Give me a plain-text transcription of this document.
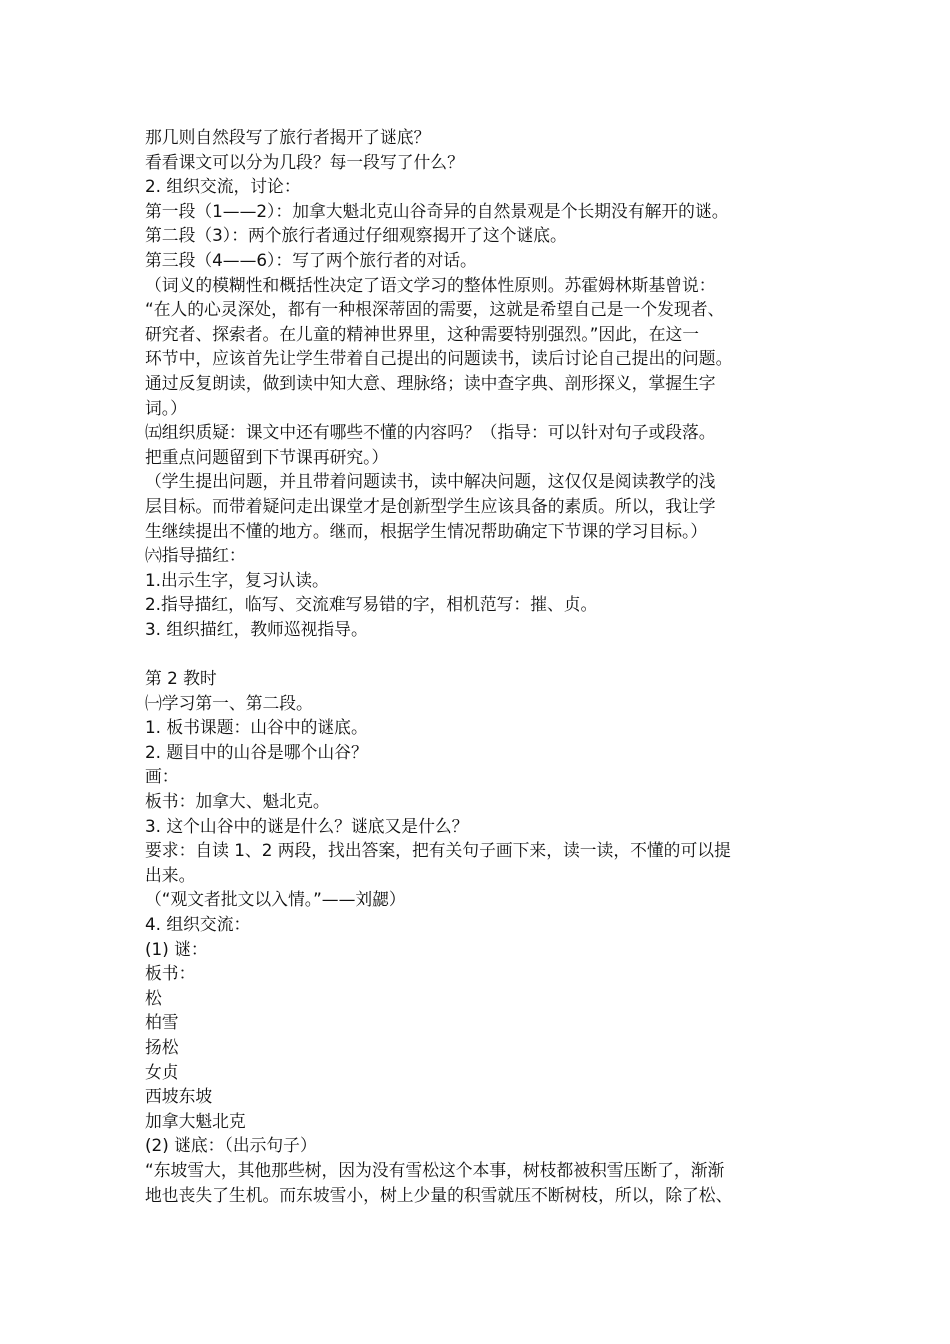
那几则自然段写了旅行者揭开了谜底？
看看课文可以分为几段？每一段写了什么？
2. 组织交流，讨论：
第一段（1——2）：加拿大魁北克山谷奇异的自然景观是个长期没有解开的谜。
第二段（3）：两个旅行者通过仔细观察揭开了这个谜底。
第三段（4——6）：写了两个旅行者的对话。
（词义的模糊性和概括性决定了语文学习的整体性原则。苏霍姆林斯基曾说：
“在人的心灵深处，都有一种根深蒂固的需要，这就是希望自己是一个发现者、
研究者、探索者。在儿童的精神世界里，这种需要特别强烈。”因此，在这一
环节中，应该首先让学生带着自己提出的问题读书，读后讨论自己提出的问题。
通过反复朗读，做到读中知大意、理脉络；读中查字典、剖形探义，掌握生字
词。）
㈤组织质疑：课文中还有哪些不懂的内容吗？（指导：可以针对句子或段落。
把重点问题留到下节课再研究。）
（学生提出问题，并且带着问题读书，读中解决问题，这仅仅是阅读教学的浅
层目标。而带着疑问走出课堂才是创新型学生应该具备的素质。所以，我让学
生继续提出不懂的地方。继而，根据学生情况帮助确定下节课的学习目标。）
㈥指导描红：
1.出示生字，复习认读。
2.指导描红，临写、交流难写易错的字，相机范写：摧、贞。
3. 组织描红，教师巡视指导。
第 2 教时
㈠学习第一、第二段。
1. 板书课题：山谷中的谜底。
2. 题目中的山谷是哪个山谷？
画：
板书：加拿大、魁北克。
3. 这个山谷中的谜是什么？谜底又是什么？
要求：自读 1、2 两段，找出答案，把有关句子画下来，读一读，不懂的可以提
出来。
（“观文者批文以入情。”——刘勰）
4. 组织交流：
(1) 谜：
板书：
松
柏雪
扬松
女贞
西坡东坡
加拿大魁北克
(2) 谜底：（出示句子）
“东坡雪大，其他那些树，因为没有雪松这个本事，树枝都被积雪压断了，渐渐
地也丧失了生机。而东坡雪小，树上少量的积雪就压不断树枝，所以，除了松、
